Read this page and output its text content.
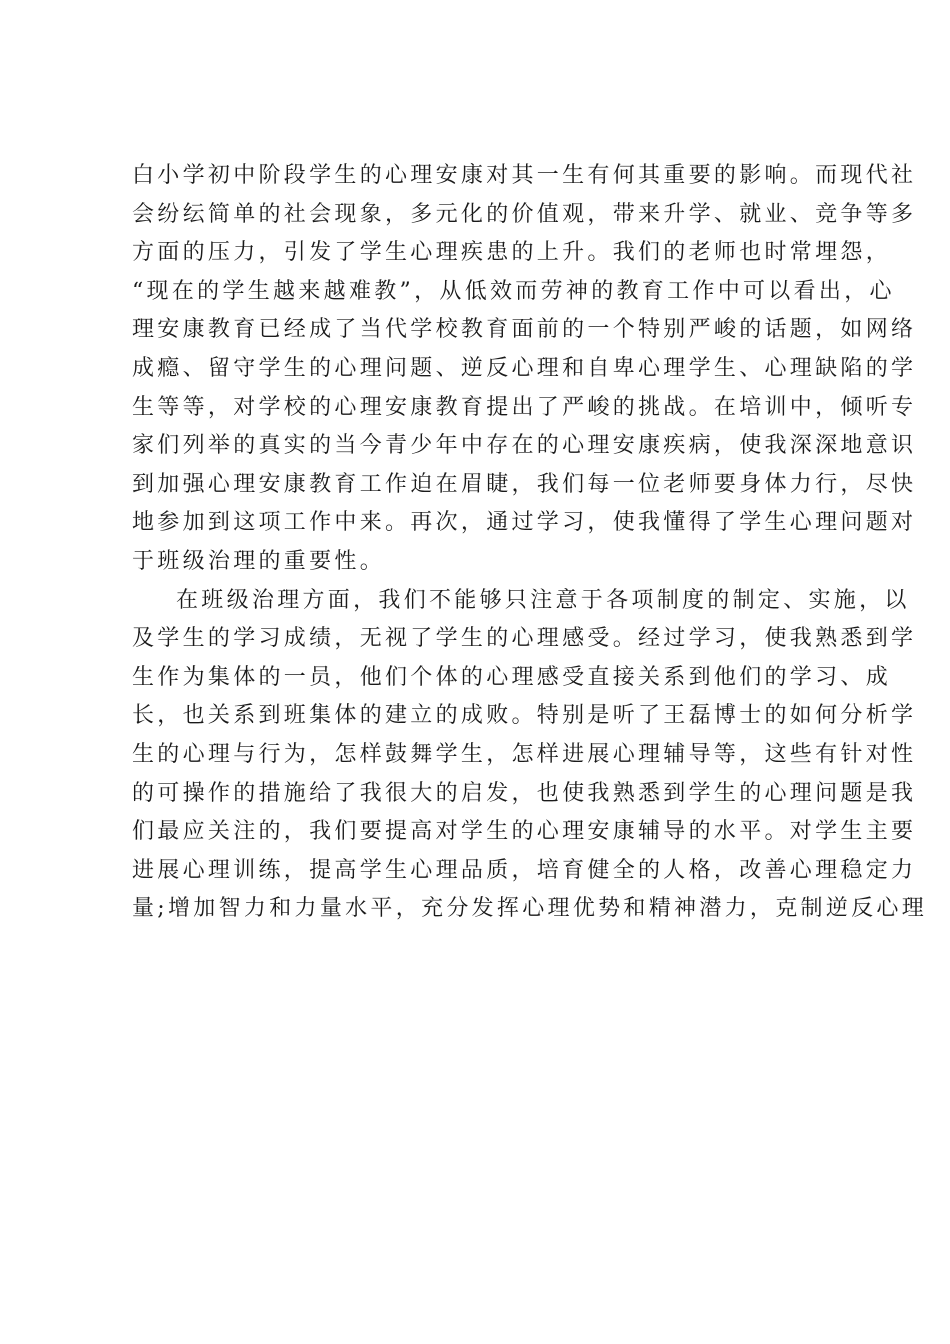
白小学初中阶段学生的心理安康对其一生有何其重要的影响。而现代社
会纷纭简单的社会现象，多元化的价值观，带来升学、就业、竞争等多
方面的压力，引发了学生心理疾患的上升。我们的老师也时常埋怨，
“现在的学生越来越难教”，从低效而劳神的教育工作中可以看出，心
理安康教育已经成了当代学校教育面前的一个特别严峻的话题，如网络
成瘾、留守学生的心理问题、逆反心理和自卑心理学生、心理缺陷的学
生等等，对学校的心理安康教育提出了严峻的挑战。在培训中，倾听专
家们列举的真实的当今青少年中存在的心理安康疾病，使我深深地意识
到加强心理安康教育工作迫在眉睫，我们每一位老师要身体力行，尽快
地参加到这项工作中来。再次，通过学习，使我懂得了学生心理问题对
于班级治理的重要性。
在班级治理方面，我们不能够只注意于各项制度的制定、实施，以
及学生的学习成绩，无视了学生的心理感受。经过学习，使我熟悉到学
生作为集体的一员，他们个体的心理感受直接关系到他们的学习、成
长，也关系到班集体的建立的成败。特别是听了王磊博士的如何分析学
生的心理与行为，怎样鼓舞学生，怎样进展心理辅导等，这些有针对性
的可操作的措施给了我很大的启发，也使我熟悉到学生的心理问题是我
们最应关注的，我们要提高对学生的心理安康辅导的水平。对学生主要
进展心理训练，提高学生心理品质，培育健全的人格，改善心理稳定力
量;增加智力和力量水平，充分发挥心理优势和精神潜力，克制逆反心理
